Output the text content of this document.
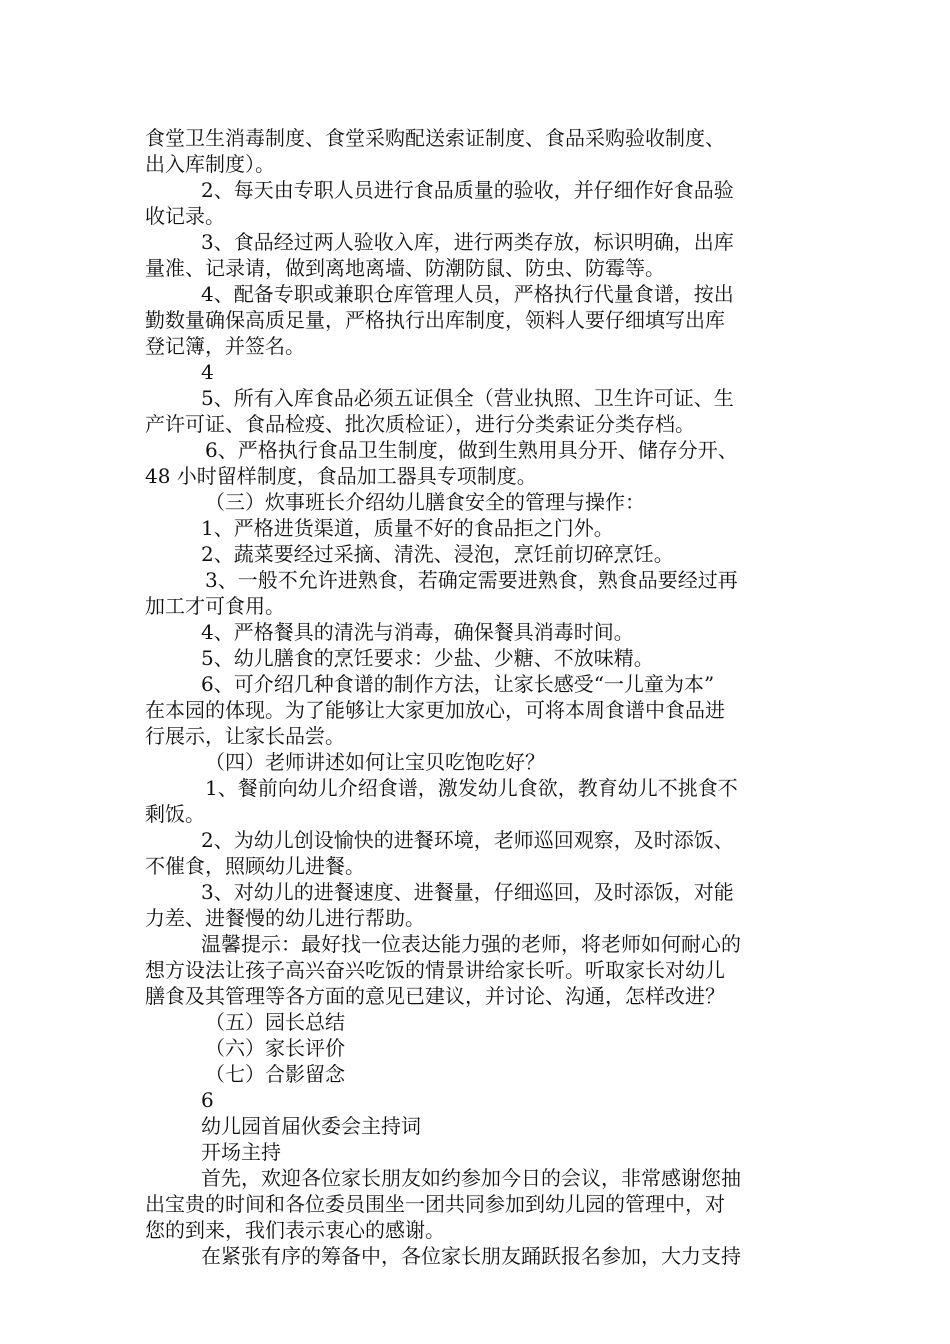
食堂卫生消毒制度、食堂采购配送索证制度、食品采购验收制度、
出入库制度）。
2、每天由专职人员进行食品质量的验收，并仔细作好食品验
收记录。
3、食品经过两人验收入库，进行两类存放，标识明确，出库
量准、记录请，做到离地离墙、防潮防鼠、防虫、防霉等。
4、配备专职或兼职仓库管理人员，严格执行代量食谱，按出
勤数量确保高质足量，严格执行出库制度，领料人要仔细填写出库
登记簿，并签名。
4
5、所有入库食品必须五证俱全（营业执照、卫生许可证、生
产许可证、食品检疫、批次质检证），进行分类索证分类存档。
6、严格执行食品卫生制度，做到生熟用具分开、储存分开、
48 小时留样制度，食品加工器具专项制度。
（三）炊事班长介绍幼儿膳食安全的管理与操作：
1、严格进货渠道，质量不好的食品拒之门外。
2、蔬菜要经过采摘、清洗、浸泡，烹饪前切碎烹饪。
3、一般不允许进熟食，若确定需要进熟食，熟食品要经过再
加工才可食用。
4、严格餐具的清洗与消毒，确保餐具消毒时间。
5、幼儿膳食的烹饪要求：少盐、少糖、不放味精。
6、可介绍几种食谱的制作方法，让家长感受“一儿童为本”
在本园的体现。为了能够让大家更加放心，可将本周食谱中食品进
行展示，让家长品尝。
（四）老师讲述如何让宝贝吃饱吃好？
1、餐前向幼儿介绍食谱，激发幼儿食欲，教育幼儿不挑食不
剩饭。
2、为幼儿创设愉快的进餐环境，老师巡回观察，及时添饭、
不催食，照顾幼儿进餐。
3、对幼儿的进餐速度、进餐量，仔细巡回，及时添饭，对能
力差、进餐慢的幼儿进行帮助。
温馨提示：最好找一位表达能力强的老师，将老师如何耐心的
想方设法让孩子高兴奋兴吃饭的情景讲给家长听。听取家长对幼儿
膳食及其管理等各方面的意见已建议，并讨论、沟通，怎样改进？
（五）园长总结
（六）家长评价
（七）合影留念
6
幼儿园首届伙委会主持词
开场主持
首先，欢迎各位家长朋友如约参加今日的会议，非常感谢您抽
出宝贵的时间和各位委员围坐一团共同参加到幼儿园的管理中，对
您的到来，我们表示衷心的感谢。
在紧张有序的筹备中，各位家长朋友踊跃报名参加，大力支持
